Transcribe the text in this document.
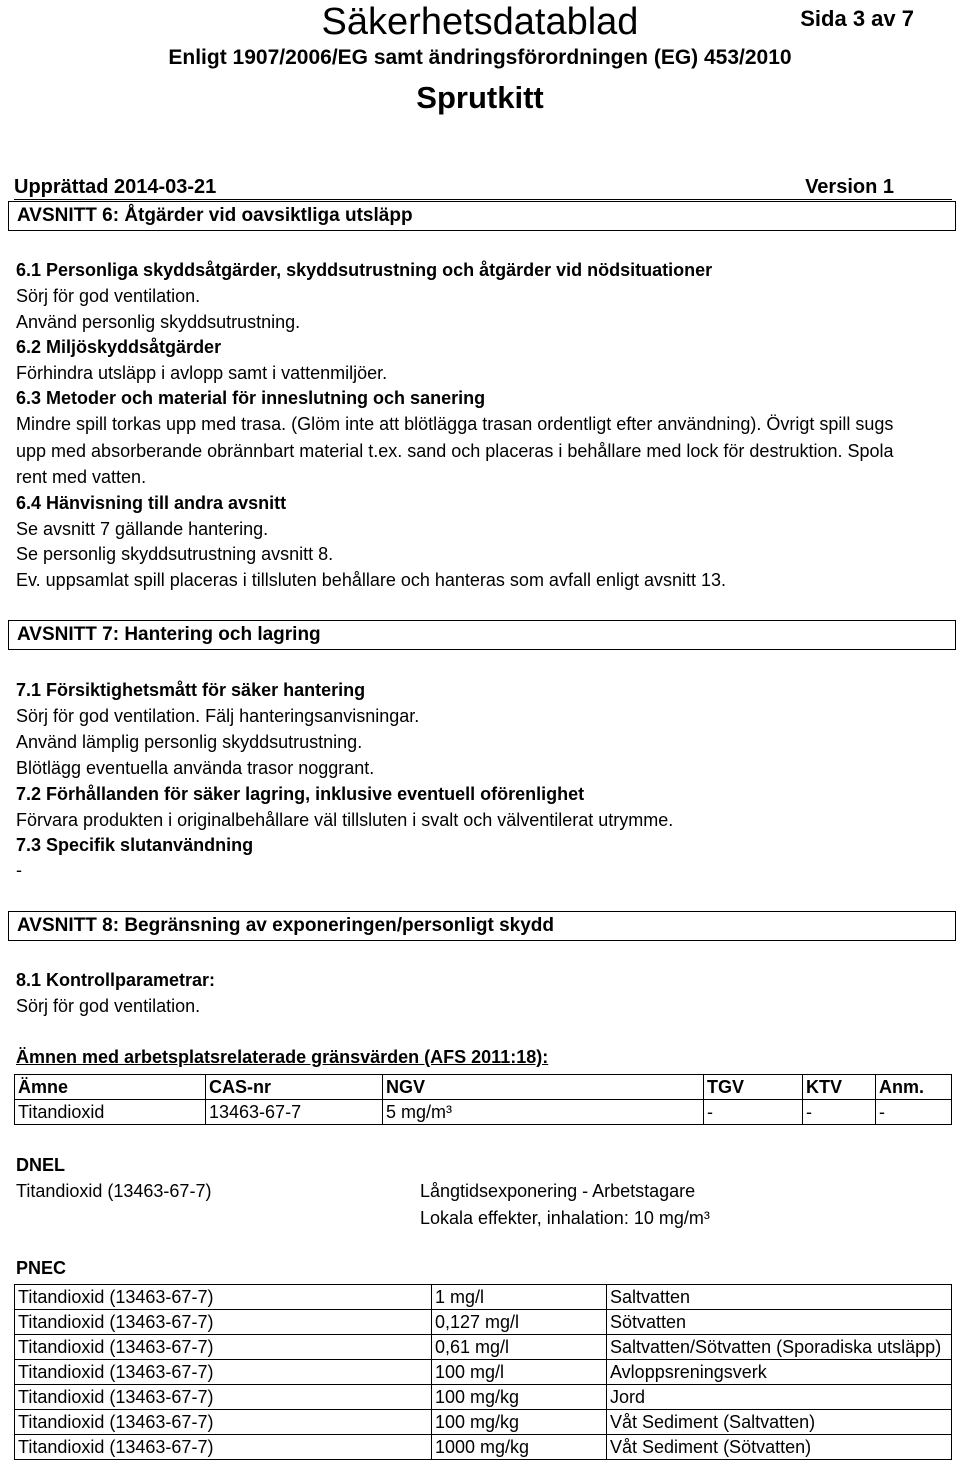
Säkerhetsdatablad	Sida 3 av 7
Enligt 1907/2006/EG samt ändringsförordningen (EG) 453/2010
Sprutkitt
Upprättad 2014-03-21	Version 1
AVSNITT 6: Åtgärder vid oavsiktliga utsläpp
6.1 Personliga skyddsåtgärder, skyddsutrustning och åtgärder vid nödsituationer
Sörj för god ventilation.
Använd personlig skyddsutrustning.
6.2 Miljöskyddsåtgärder
Förhindra utsläpp i avlopp samt i vattenmiljöer.
6.3 Metoder och material för inneslutning och sanering
Mindre spill torkas upp med trasa. (Glöm inte att blötlägga trasan ordentligt efter användning). Övrigt spill sugs
upp med absorberande obrännbart material t.ex. sand och placeras i behållare med lock för destruktion. Spola
rent med vatten.
6.4 Hänvisning till andra avsnitt
Se avsnitt 7 gällande hantering.
Se personlig skyddsutrustning avsnitt 8.
Ev. uppsamlat spill placeras i tillsluten behållare och hanteras som avfall enligt avsnitt 13.
AVSNITT 7: Hantering och lagring
7.1 Försiktighetsmått för säker hantering
Sörj för god ventilation. Fälj hanteringsanvisningar.
Använd lämplig personlig skyddsutrustning.
Blötlägg eventuella använda trasor noggrant.
7.2 Förhållanden för säker lagring, inklusive eventuell oförenlighet
Förvara produkten i originalbehållare väl tillsluten i svalt och välventilerat utrymme.
7.3 Specifik slutanvändning
-
AVSNITT 8: Begränsning av exponeringen/personligt skydd
8.1 Kontrollparametrar:
Sörj för god ventilation.
Ämnen med arbetsplatsrelaterade gränsvärden (AFS 2011:18):
Ämne	CAS-nr	NGV	TGV	KTV	Anm.
Titandioxid	13463-67-7	5 mg/m³	-	-	-
DNEL
Titandioxid (13463-67-7)	Långtidsexponering - Arbetstagare
Lokala effekter, inhalation: 10 mg/m³
PNEC
Titandioxid (13463-67-7)	1 mg/l	Saltvatten
Titandioxid (13463-67-7)	0,127 mg/l	Sötvatten
Titandioxid (13463-67-7)	0,61 mg/l	Saltvatten/Sötvatten (Sporadiska utsläpp)
Titandioxid (13463-67-7)	100 mg/l	Avloppsreningsverk
Titandioxid (13463-67-7)	100 mg/kg	Jord
Titandioxid (13463-67-7)	100 mg/kg	Våt Sediment (Saltvatten)
Titandioxid (13463-67-7)	1000 mg/kg	Våt Sediment (Sötvatten)
